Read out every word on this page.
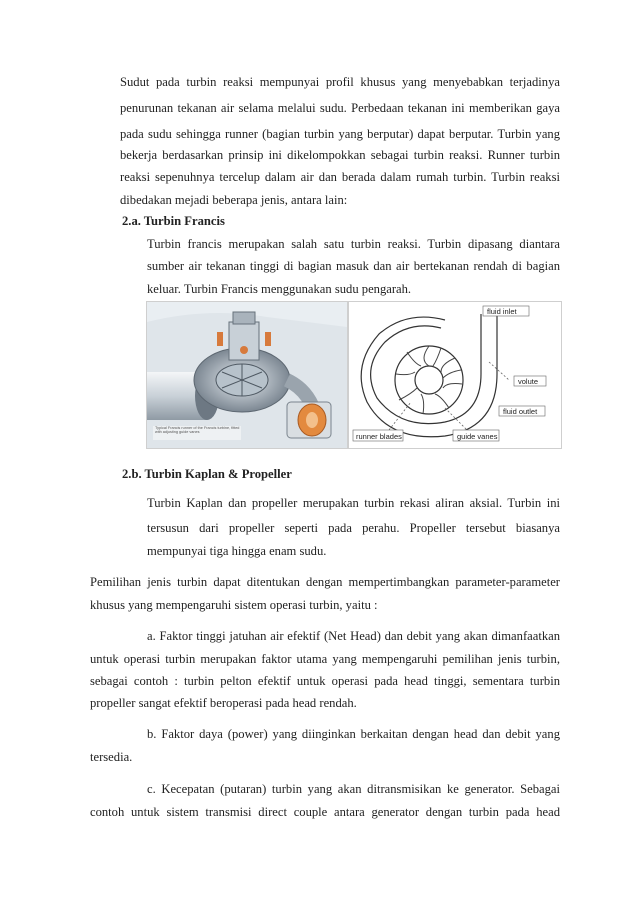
Sudut pada turbin reaksi mempunyai profil khusus yang menyebabkan terjadinya
penurunan tekanan air selama melalui sudu. Perbedaan tekanan ini memberikan gaya
pada sudu sehingga runner (bagian turbin yang berputar) dapat berputar. Turbin yang
bekerja berdasarkan prinsip ini dikelompokkan sebagai turbin reaksi. Runner turbin
reaksi sepenuhnya tercelup dalam air dan berada dalam rumah turbin. Turbin reaksi
dibedakan mejadi beberapa jenis, antara lain:
2.a. Turbin Francis
Turbin francis merupakan salah satu turbin reaksi. Turbin dipasang diantara
sumber air tekanan tinggi di bagian masuk dan air bertekanan rendah di bagian
keluar. Turbin Francis menggunakan sudu pengarah.
Typical Francis runner of the Francis turbine, fitted with adjusting guide vanes
fluid inlet
volute
fluid outlet
runner blades	guide vanes
2.b. Turbin Kaplan & Propeller
Turbin Kaplan dan propeller merupakan turbin rekasi aliran aksial. Turbin ini
tersusun dari propeller seperti pada perahu. Propeller tersebut biasanya
mempunyai tiga hingga enam sudu.
Pemilihan jenis turbin dapat ditentukan dengan mempertimbangkan parameter-parameter
khusus yang mempengaruhi sistem operasi turbin, yaitu :
a. Faktor tinggi jatuhan air efektif (Net Head) dan debit yang akan dimanfaatkan
untuk operasi turbin merupakan faktor utama yang mempengaruhi pemilihan jenis turbin,
sebagai contoh : turbin pelton efektif untuk operasi pada head tinggi, sementara turbin
propeller sangat efektif beroperasi pada head rendah.
b. Faktor daya (power) yang diinginkan berkaitan dengan head dan debit yang
tersedia.
c. Kecepatan (putaran) turbin yang akan ditransmisikan ke generator. Sebagai
contoh untuk sistem transmisi direct couple antara generator dengan turbin pada head
